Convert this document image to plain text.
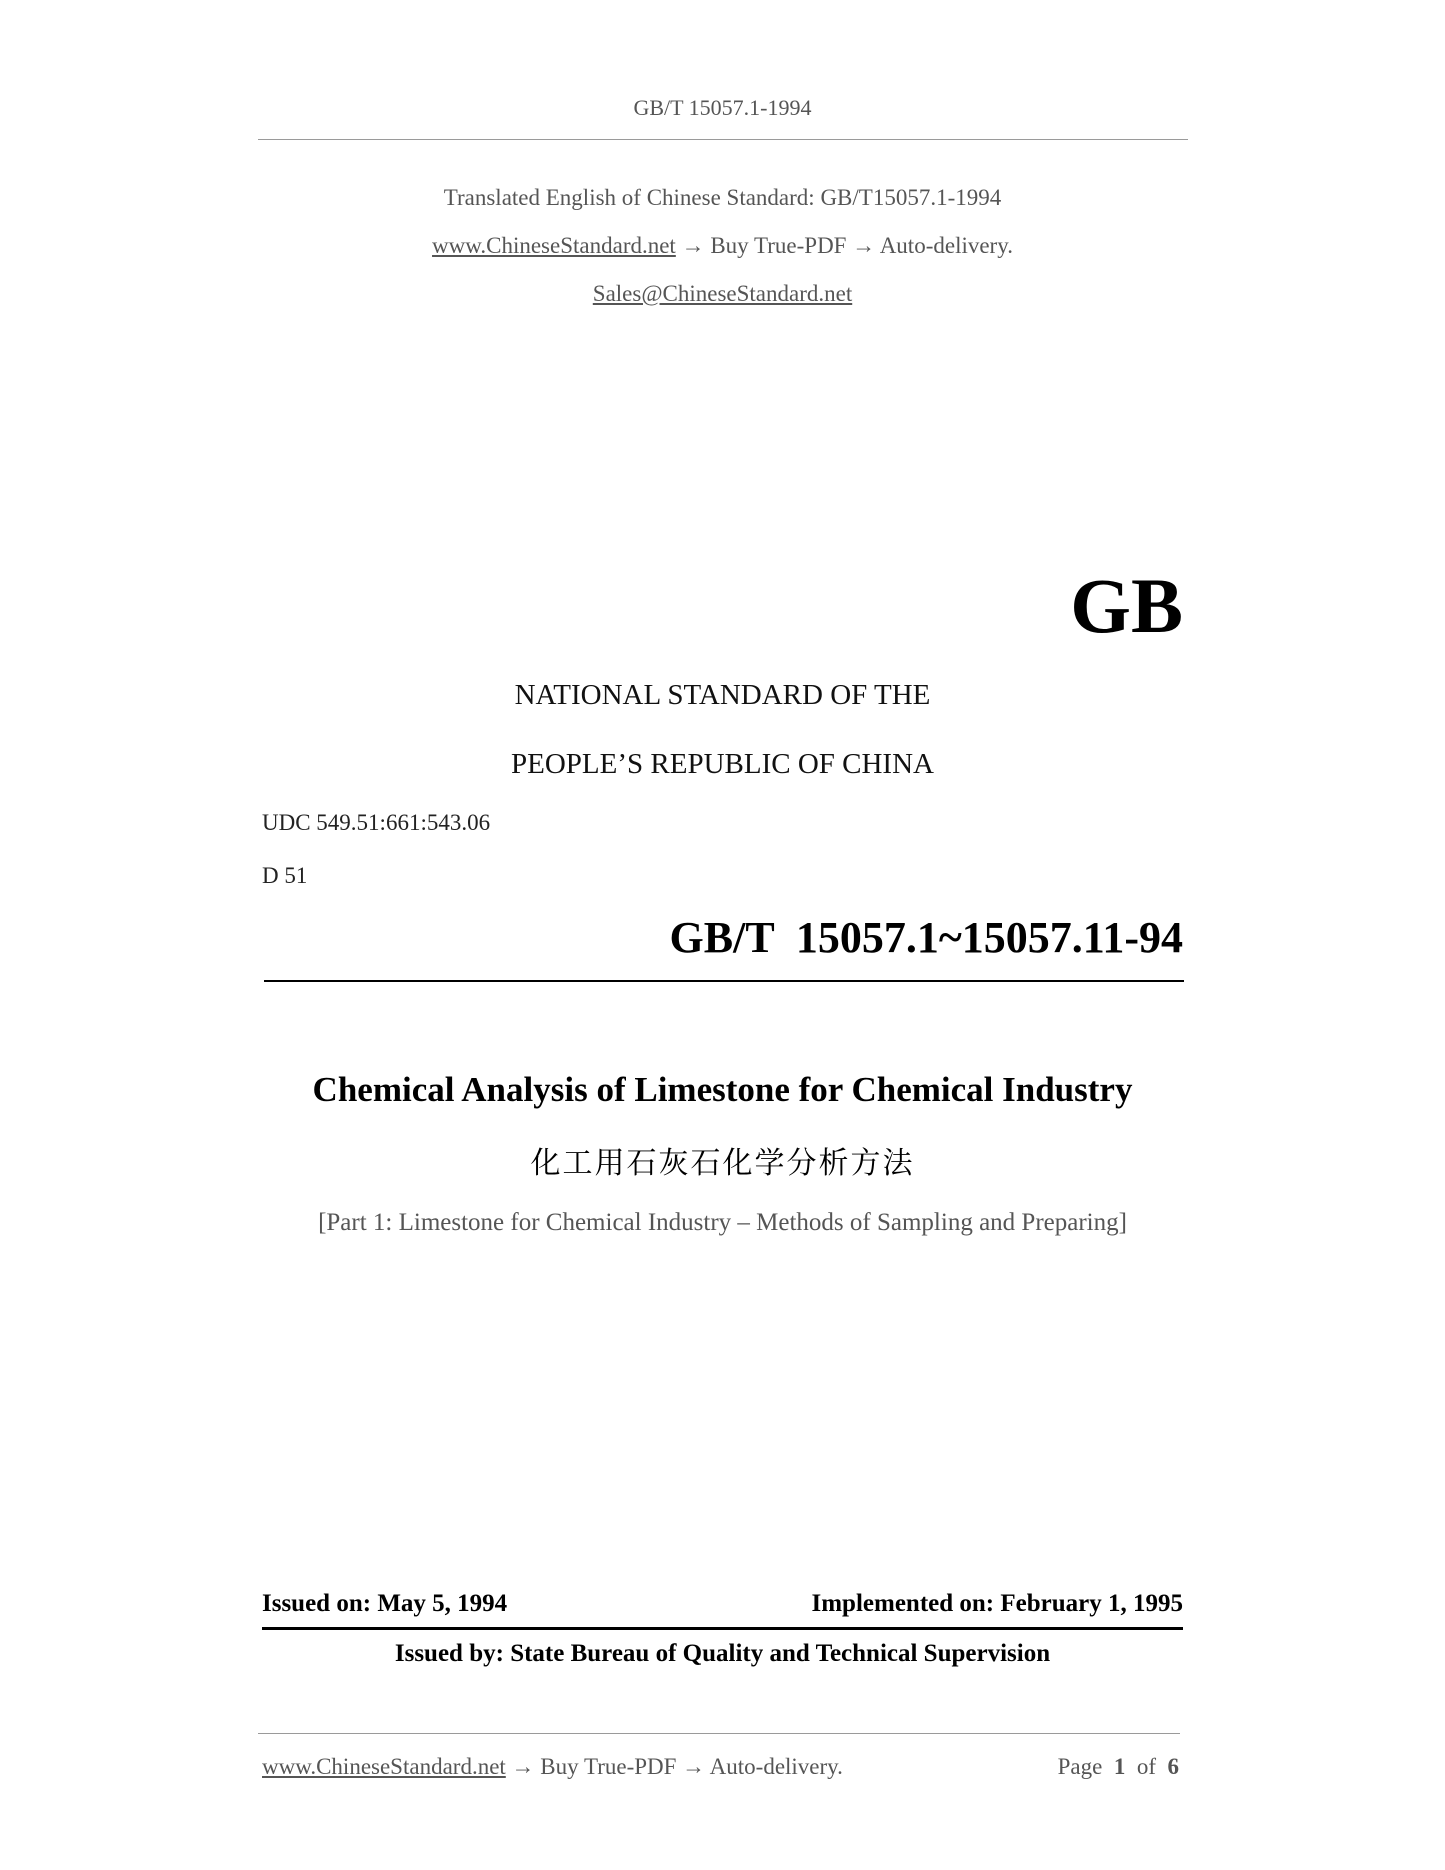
GB/T 15057.1-1994
Translated English of Chinese Standard: GB/T15057.1-1994
www.ChineseStandard.net → Buy True-PDF → Auto-delivery.
Sales@ChineseStandard.net
GB
NATIONAL STANDARD OF THE
PEOPLE’S REPUBLIC OF CHINA
UDC 549.51:661:543.06
D 51
GB/T  15057.1~15057.11-94
Chemical Analysis of Limestone for Chemical Industry
化工用石灰石化学分析方法
[Part 1: Limestone for Chemical Industry – Methods of Sampling and Preparing]
Issued on: May 5, 1994	Implemented on: February 1, 1995
Issued by: State Bureau of Quality and Technical Supervision
www.ChineseStandard.net → Buy True-PDF → Auto-delivery.	Page 1 of 6
